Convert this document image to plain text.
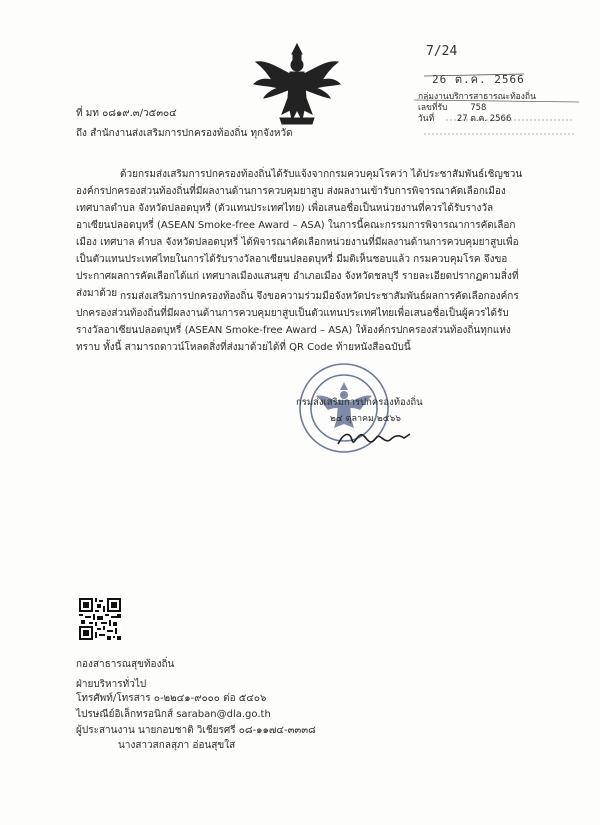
ที่ มท ๐๘๑๙.๓/ว๕๓๐๔
ถึง สำนักงานส่งเสริมการปกครองท้องถิ่น ทุกจังหวัด
7/24
26 ต.ค. 2566
กลุ่มงานบริการสาธารณะท้องถิ่น
เลขที่รับ	758
วันที่	27 ต.ค. 2566
ด้วยกรมส่งเสริมการปกครองท้องถิ่นได้รับแจ้งจากกรมควบคุมโรคว่า ได้ประชาสัมพันธ์เชิญชวนองค์กรปกครองส่วนท้องถิ่นที่มีผลงานด้านการควบคุมยาสูบ ส่งผลงานเข้ารับการพิจารณาคัดเลือกเมือง เทศบาลตำบล จังหวัดปลอดบุหรี่ (ตัวแทนประเทศไทย) เพื่อเสนอชื่อเป็นหน่วยงานที่ควรได้รับรางวัลอาเซียนปลอดบุหรี่ (ASEAN Smoke-free Award – ASA) ในการนี้คณะกรรมการพิจารณาการคัดเลือกเมือง เทศบาล ตำบล จังหวัดปลอดบุหรี่ ได้พิจารณาคัดเลือกหน่วยงานที่มีผลงานด้านการควบคุมยาสูบเพื่อเป็นตัวแทนประเทศไทยในการได้รับรางวัลอาเซียนปลอดบุหรี่ มีมติเห็นชอบแล้ว กรมควบคุมโรค จึงขอประกาศผลการคัดเลือกได้แก่ เทศบาลเมืองแสนสุข อำเภอเมือง จังหวัดชลบุรี รายละเอียดปรากฏตามสิ่งที่ส่งมาด้วย กรมส่งเสริมการปกครองท้องถิ่น จึงขอความร่วมมือจังหวัดประชาสัมพันธ์ผลการคัดเลือกองค์กรปกครองส่วนท้องถิ่นที่มีผลงานด้านการควบคุมยาสูบเป็นตัวแทนประเทศไทยเพื่อเสนอชื่อเป็นผู้ควรได้รับรางวัลอาเซียนปลอดบุหรี่ (ASEAN Smoke-free Award – ASA) ให้องค์กรปกครองส่วนท้องถิ่นทุกแห่งทราบ ทั้งนี้ สามารถดาวน์โหลดสิ่งที่ส่งมาด้วยได้ที่ QR Code ท้ายหนังสือฉบับนี้
กรมส่งเสริมการปกครองท้องถิ่น
๒๔ ตุลาคม ๒๕๖๖
กองสาธารณสุขท้องถิ่น
ฝ่ายบริหารทั่วไป
โทรศัพท์/โทรสาร ๐-๒๒๔๑-๙๐๐๐ ต่อ ๕๔๐๖
ไปรษณีย์อิเล็กทรอนิกส์ saraban@dla.go.th
ผู้ประสานงาน นายกอบชาติ วิเชียรศรี ๐๘-๑๑๗๔-๓๓๓๘
นางสาวสกลสุภา อ่อนสุขใส
